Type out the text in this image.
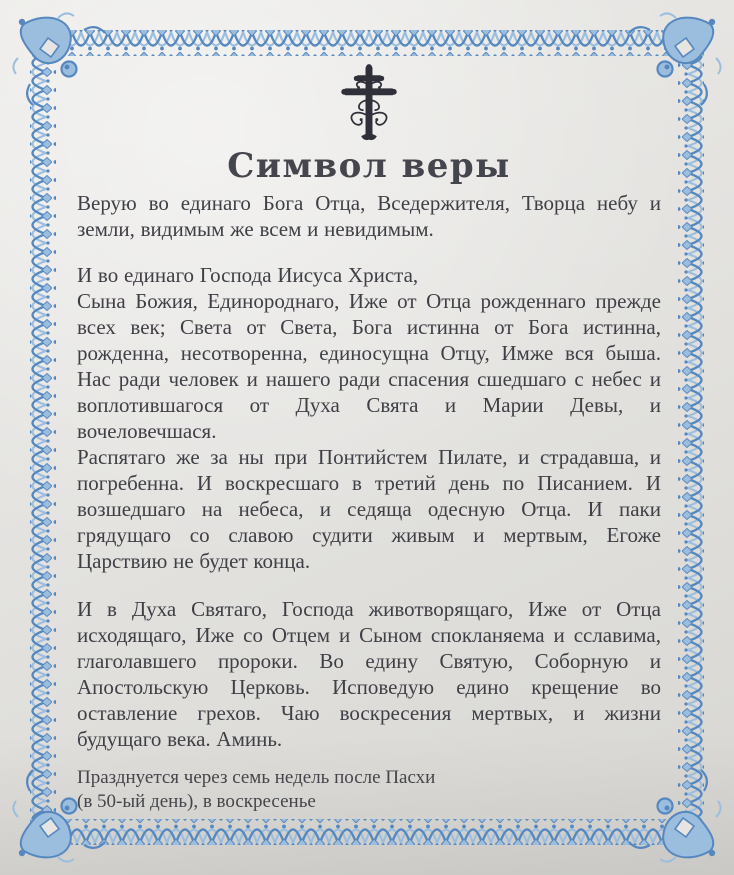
Символ веры

Верую во единаго Бога Отца, Вседержителя, Творца небу и земли, видимым же всем и невидимым.

И во единаго Господа Иисуса Христа,

Сына Божия, Единороднаго, Иже от Отца рожденнаго прежде всех век; Света от Света, Бога истинна от Бога истинна, рожденна, несотворенна, единосущна Отцу, Имже вся быша. Нас ради человек и нашего ради спасения сшедшаго с небес и воплотившагося от Духа Свята и Марии Девы, и вочеловечшася.

Распятаго же за ны при Понтийстем Пилате, и страдавша, и погребенна. И воскресшаго в третий день по Писанием. И возшедшаго на небеса, и седяща одесную Отца. И паки грядущаго со славою судити живым и мертвым, Егоже Царствию не будет конца.

И в Духа Святаго, Господа животворящаго, Иже от Отца исходящаго, Иже со Отцем и Сыном спокланяема и сславима, глаголавшего пророки. Во едину Святую, Соборную и Апостольскую Церковь. Исповедую едино крещение во оставление грехов. Чаю воскресения мертвых, и жизни будущаго века. Аминь.

Празднуется через семь недель после Пасхи
(в 50-ый день), в воскресенье
